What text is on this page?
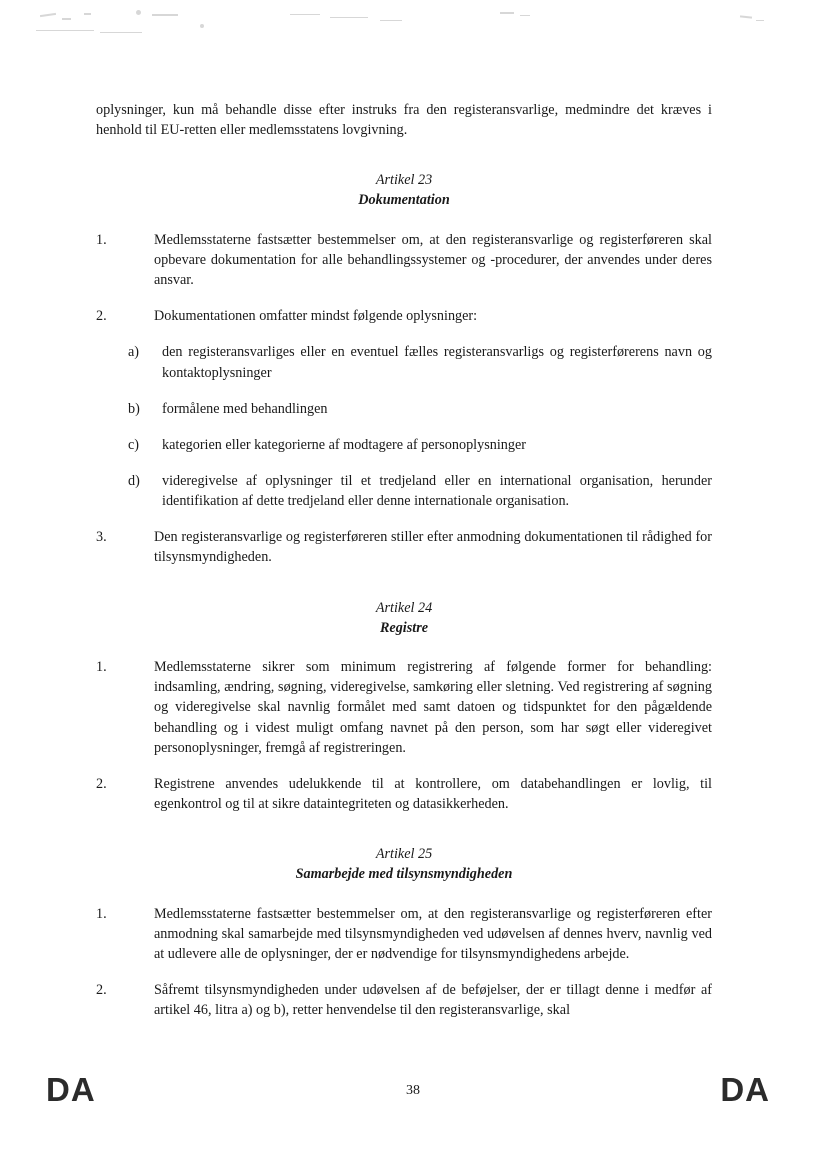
oplysninger, kun må behandle disse efter instruks fra den registeransvarlige, medmindre det kræves i henhold til EU-retten eller medlemsstatens lovgivning.

Artikel 23
Dokumentation
1.	Medlemsstaterne fastsætter bestemmelser om, at den registeransvarlige og registerføreren skal opbevare dokumentation for alle behandlingssystemer og -procedurer, der anvendes under deres ansvar.
2.	Dokumentationen omfatter mindst følgende oplysninger:
a)	den registeransvarliges eller en eventuel fælles registeransvarligs og registerførerens navn og kontaktoplysninger
b)	formålene med behandlingen
c)	kategorien eller kategorierne af modtagere af personoplysninger
d)	videregivelse af oplysninger til et tredjeland eller en international organisation, herunder identifikation af dette tredjeland eller denne internationale organisation.
3.	Den registeransvarlige og registerføreren stiller efter anmodning dokumentationen til rådighed for tilsynsmyndigheden.
Artikel 24
Registre
1.	Medlemsstaterne sikrer som minimum registrering af følgende former for behandling: indsamling, ændring, søgning, videregivelse, samkøring eller sletning. Ved registrering af søgning og videregivelse skal navnlig formålet med samt datoen og tidspunktet for den pågældende behandling og i videst muligt omfang navnet på den person, som har søgt eller videregivet personoplysninger, fremgå af registreringen.
2.	Registrene anvendes udelukkende til at kontrollere, om databehandlingen er lovlig, til egenkontrol og til at sikre dataintegriteten og datasikkerheden.
Artikel 25
Samarbejde med tilsynsmyndigheden
1.	Medlemsstaterne fastsætter bestemmelser om, at den registeransvarlige og registerføreren efter anmodning skal samarbejde med tilsynsmyndigheden ved udøvelsen af dennes hverv, navnlig ved at udlevere alle de oplysninger, der er nødvendige for tilsynsmyndighedens arbejde.
2.	Såfremt tilsynsmyndigheden under udøvelsen af de beføjelser, der er tillagt denne i medfør af artikel 46, litra a) og b), retter henvendelse til den registeransvarlige, skal
DA	38	DA
